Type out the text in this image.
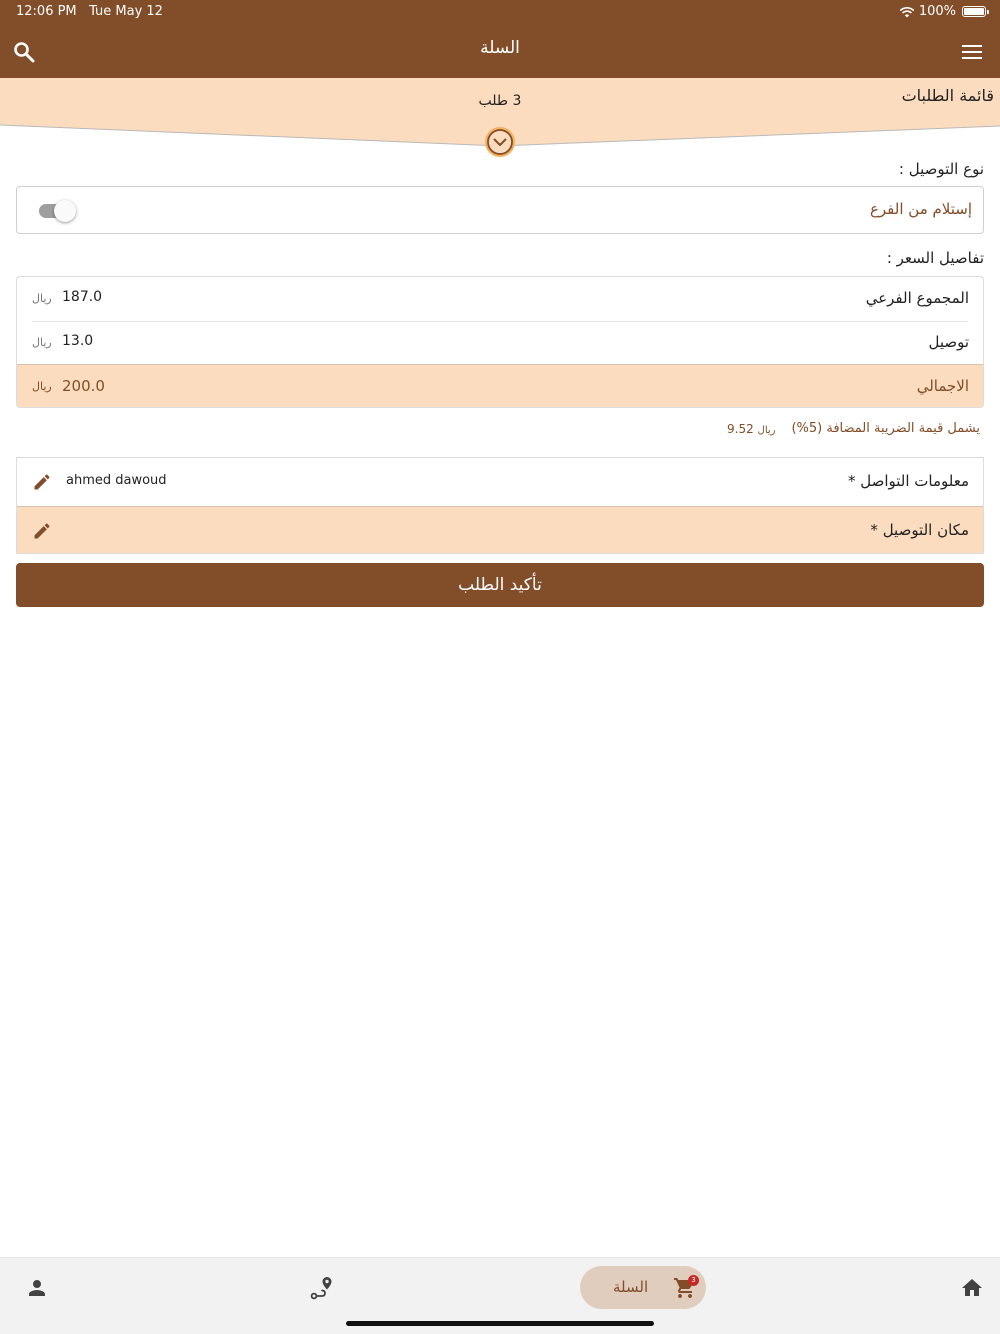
12:06 PM Tue May 12	100%
السلة
قائمة الطلبات
3 طلب
نوع التوصيل :
إستلام من الفرع
تفاصيل السعر :
المجموع الفرعي
187.0
ريال
توصيل
13.0
ريال
الاجمالي
200.0
ريال
يشمل قيمة الضريبة المضافة (5%)
ريال 9.52
معلومات التواصل *
ahmed dawoud
مكان التوصيل *
تأكيد الطلب
السلة	3
